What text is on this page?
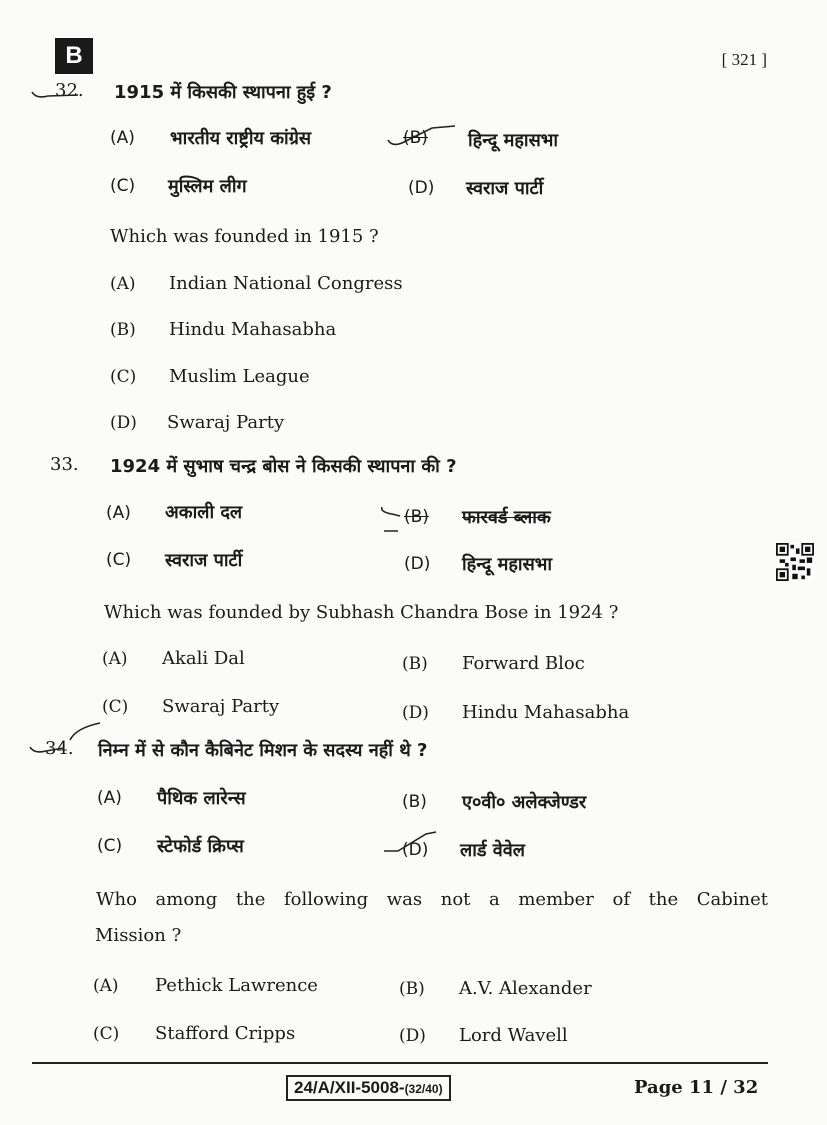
B	[ 321 ]
32. 1915 में किसकी स्थापना हुई ?
(A) भारतीय राष्ट्रीय कांग्रेस	(B) हिन्दू महासभा
(C) मुस्लिम लीग	(D) स्वराज पार्टी
Which was founded in 1915 ?
(A) Indian National Congress
(B) Hindu Mahasabha
(C) Muslim League
(D) Swaraj Party
33. 1924 में सुभाष चन्द्र बोस ने किसकी स्थापना की ?
(A) अकाली दल	(B) फारवर्ड ब्लाक
(C) स्वराज पार्टी	(D) हिन्दू महासभा
Which was founded by Subhash Chandra Bose in 1924 ?
(A) Akali Dal	(B) Forward Bloc
(C) Swaraj Party	(D) Hindu Mahasabha
34. निम्न में से कौन कैबिनेट मिशन के सदस्य नहीं थे ?
(A) पैथिक लारेन्स	(B) ए०वी० अलेक्जेण्डर
(C) स्टेफोर्ड क्रिप्स	(D) लार्ड वेवेल
Who among the following was not a member of the Cabinet
Mission ?
(A) Pethick Lawrence	(B) A.V. Alexander
(C) Stafford Cripps	(D) Lord Wavell
24/A/XII-5008-(32/40)	Page 11 / 32
